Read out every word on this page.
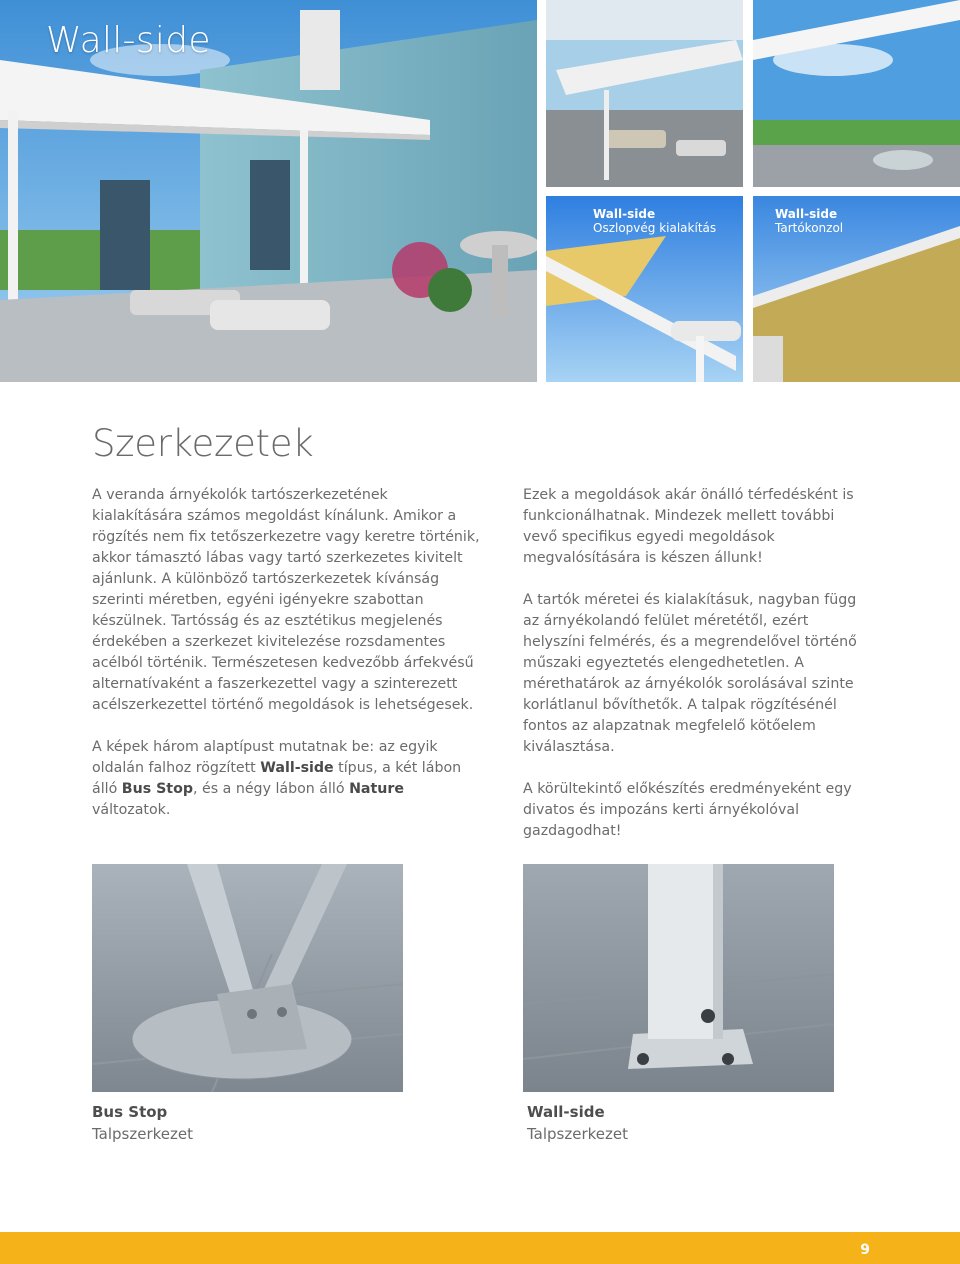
Wall-side
Wall-side
Oszlopvég kialakítás
Wall-side
Tartókonzol
Szerkezetek

A veranda árnyékolók tartószerkezetének kialakítására számos megoldást kínálunk. Amikor a rögzítés nem fix tetőszerkezetre vagy keretre történik, akkor támasztó lábas vagy tartó szerkezetes kivitelt ajánlunk. A különböző tartószerkezetek kívánság szerinti méretben, egyéni igényekre szabottan készülnek. Tartósság és az esztétikus megjelenés érdekében a szerkezet kivitelezése rozsdamentes acélból történik. Természetesen kedvezőbb árfekvésű alternatívaként a faszerkezettel vagy a szinterezett acélszerkezettel történő megoldások is lehetségesek.

A képek három alaptípust mutatnak be: az egyik oldalán falhoz rögzített Wall-side típus, a két lábon álló Bus Stop, és a négy lábon álló Nature változatok.

Ezek a megoldások akár önálló térfedésként is funkcionálhatnak. Mindezek mellett további vevő specifikus egyedi megoldások megvalósítására is készen állunk!

A tartók méretei és kialakításuk, nagyban függ az árnyékolandó felület méretétől, ezért helyszíni felmérés, és a megrendelővel történő műszaki egyeztetés elengedhetetlen. A mérethatárok az árnyékolók sorolásával szinte korlátlanul bővíthetők. A talpak rögzítésénél fontos az alapzatnak megfelelő kötőelem kiválasztása.

A körültekintő előkészítés eredményeként egy divatos és impozáns kerti árnyékolóval gazdagodhat!

Bus Stop
Talpszerkezet
Wall-side
Talpszerkezet
9
